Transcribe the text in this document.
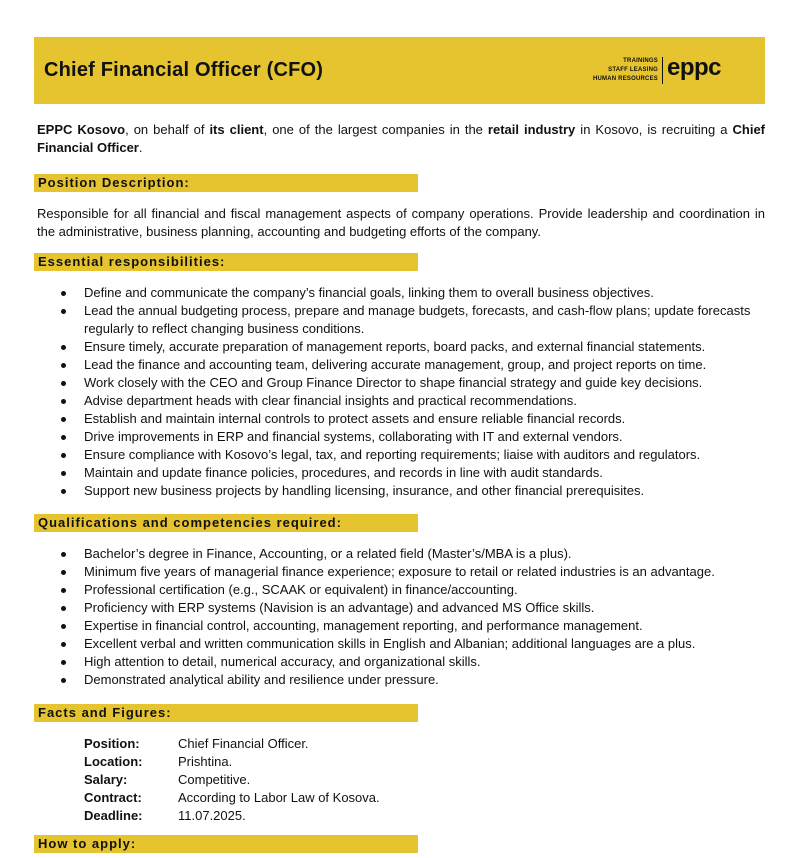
Chief Financial Officer (CFO)	TRAININGS
STAFF LEASING
HUMAN RESOURCES eppc
EPPC Kosovo, on behalf of its client, one of the largest companies in the retail industry in Kosovo, is recruiting a Chief Financial Officer.
Position Description:
Responsible for all financial and fiscal management aspects of company operations. Provide leadership and coordination in the administrative, business planning, accounting and budgeting efforts of the company.
Essential responsibilities:
Define and communicate the company’s financial goals, linking them to overall business objectives.
Lead the annual budgeting process, prepare and manage budgets, forecasts, and cash-flow plans; update forecasts regularly to reflect changing business conditions.
Ensure timely, accurate preparation of management reports, board packs, and external financial statements.
Lead the finance and accounting team, delivering accurate management, group, and project reports on time.
Work closely with the CEO and Group Finance Director to shape financial strategy and guide key decisions.
Advise department heads with clear financial insights and practical recommendations.
Establish and maintain internal controls to protect assets and ensure reliable financial records.
Drive improvements in ERP and financial systems, collaborating with IT and external vendors.
Ensure compliance with Kosovo’s legal, tax, and reporting requirements; liaise with auditors and regulators.
Maintain and update finance policies, procedures, and records in line with audit standards.
Support new business projects by handling licensing, insurance, and other financial prerequisites.
Qualifications and competencies required:
Bachelor’s degree in Finance, Accounting, or a related field (Master’s/MBA is a plus).
Minimum five years of managerial finance experience; exposure to retail or related industries is an advantage.
Professional certification (e.g., SCAAK or equivalent) in finance/accounting.
Proficiency with ERP systems (Navision is an advantage) and advanced MS Office skills.
Expertise in financial control, accounting, management reporting, and performance management.
Excellent verbal and written communication skills in English and Albanian; additional languages are a plus.
High attention to detail, numerical accuracy, and organizational skills.
Demonstrated analytical ability and resilience under pressure.
Facts and Figures:
Position:	Chief Financial Officer.
Location:	Prishtina.
Salary:	Competitive.
Contract:	According to Labor Law of Kosova.
Deadline:	11.07.2025.
How to apply:
